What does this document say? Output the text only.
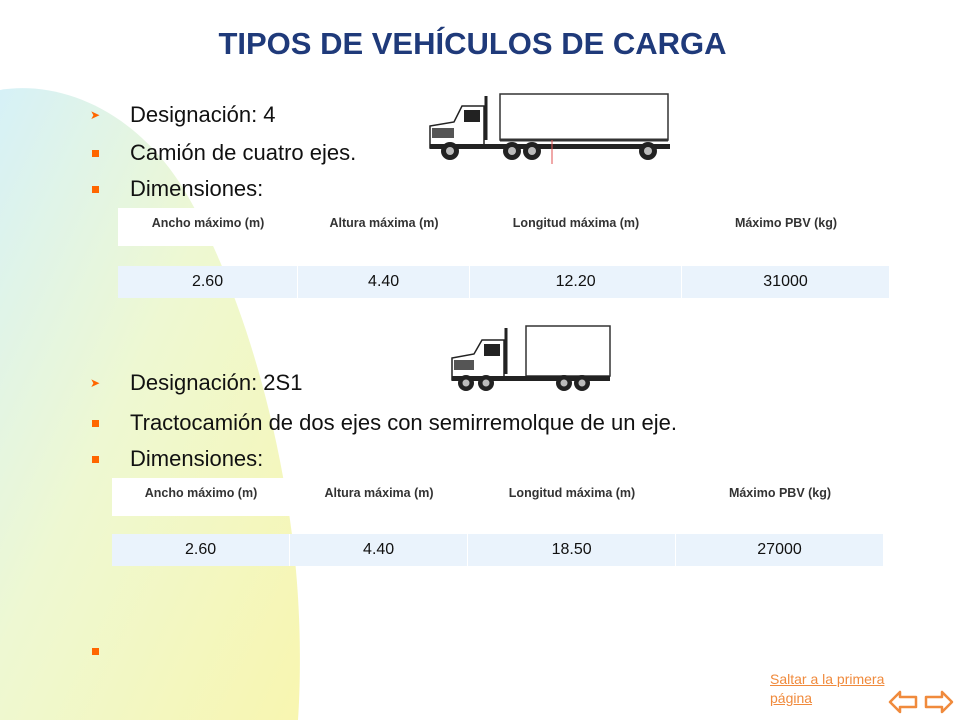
TIPOS DE VEHÍCULOS DE CARGA
➤	Designación: 4
Camión de cuatro ejes.
Dimensiones:
Ancho máximo (m)	Altura máxima (m)	Longitud máxima (m)	Máximo PBV (kg)
2.60	4.40	12.20	31000
➤	Designación: 2S1
Tractocamión de dos ejes con semirremolque de un eje.
Dimensiones:
Ancho máximo (m)	Altura máxima (m)	Longitud máxima (m)	Máximo PBV (kg)
2.60	4.40	18.50	27000
Saltar a la primera página
